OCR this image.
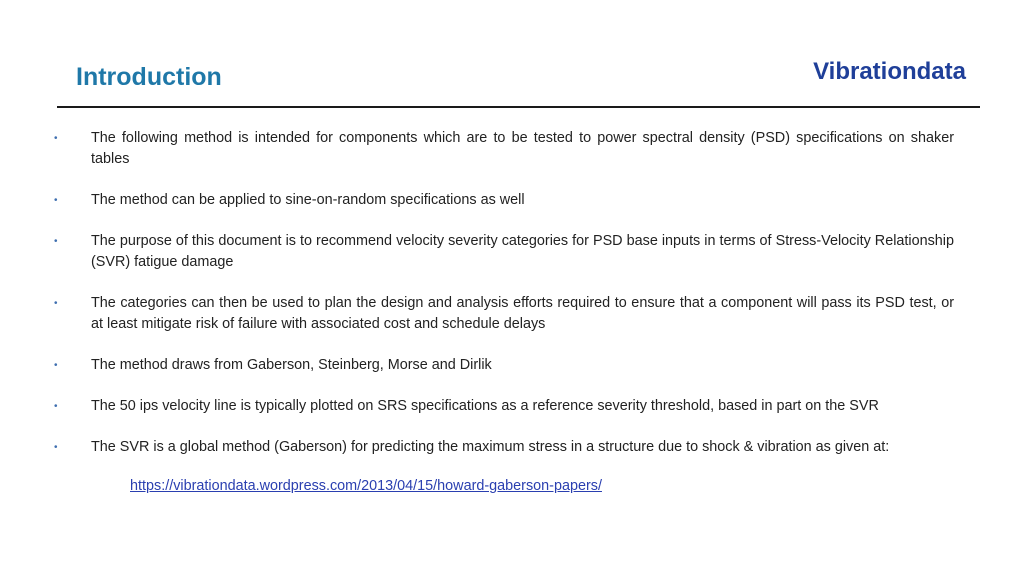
Introduction	Vibrationdata
• The following method is intended for components which are to be tested to power spectral density (PSD) specifications on shaker tables
• The method can be applied to sine-on-random specifications as well
• The purpose of this document is to recommend velocity severity categories for PSD base inputs in terms of Stress-Velocity Relationship (SVR) fatigue damage
• The categories can then be used to plan the design and analysis efforts required to ensure that a component will pass its PSD test, or at least mitigate risk of failure with associated cost and schedule delays
• The method draws from Gaberson, Steinberg, Morse and Dirlik
• The 50 ips velocity line is typically plotted on SRS specifications as a reference severity threshold, based in part on the SVR
• The SVR is a global method (Gaberson) for predicting the maximum stress in a structure due to shock & vibration as given at:
https://vibrationdata.wordpress.com/2013/04/15/howard-gaberson-papers/
